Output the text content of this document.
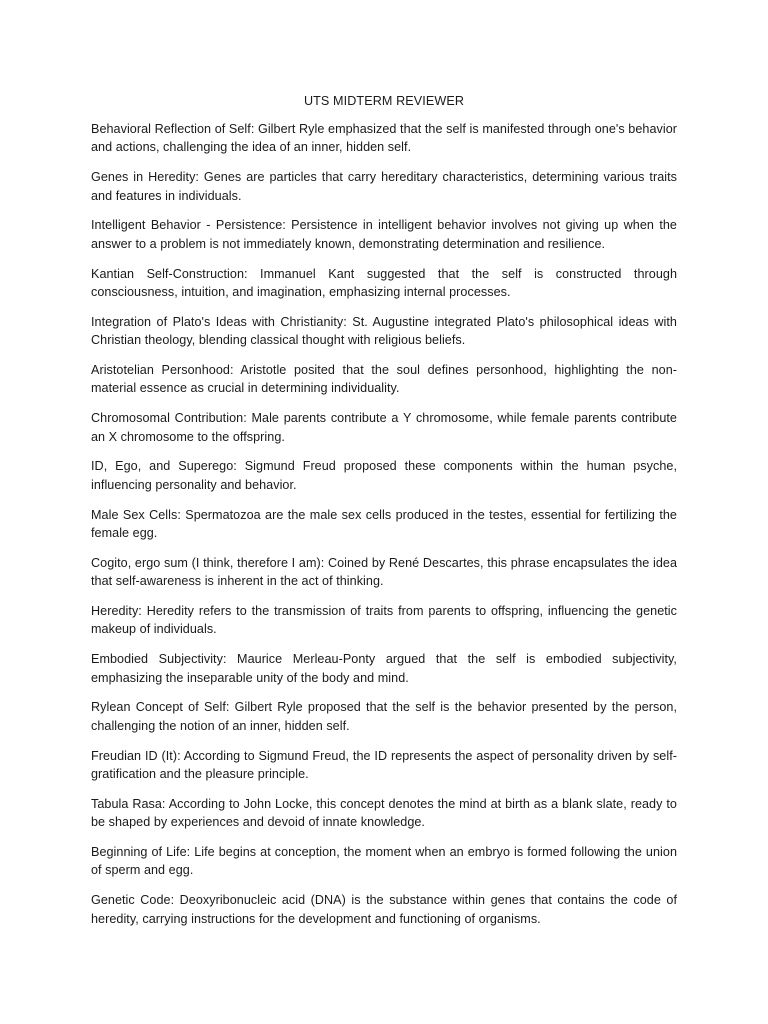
UTS MIDTERM REVIEWER

Behavioral Reflection of Self: Gilbert Ryle emphasized that the self is manifested through one's behavior and actions, challenging the idea of an inner, hidden self.

Genes in Heredity: Genes are particles that carry hereditary characteristics, determining various traits and features in individuals.

Intelligent Behavior - Persistence: Persistence in intelligent behavior involves not giving up when the answer to a problem is not immediately known, demonstrating determination and resilience.

Kantian Self-Construction: Immanuel Kant suggested that the self is constructed through consciousness, intuition, and imagination, emphasizing internal processes.

Integration of Plato's Ideas with Christianity: St. Augustine integrated Plato's philosophical ideas with Christian theology, blending classical thought with religious beliefs.

Aristotelian Personhood: Aristotle posited that the soul defines personhood, highlighting the non-material essence as crucial in determining individuality.

Chromosomal Contribution: Male parents contribute a Y chromosome, while female parents contribute an X chromosome to the offspring.

ID, Ego, and Superego: Sigmund Freud proposed these components within the human psyche, influencing personality and behavior.

Male Sex Cells: Spermatozoa are the male sex cells produced in the testes, essential for fertilizing the female egg.

Cogito, ergo sum (I think, therefore I am): Coined by René Descartes, this phrase encapsulates the idea that self-awareness is inherent in the act of thinking.

Heredity: Heredity refers to the transmission of traits from parents to offspring, influencing the genetic makeup of individuals.

Embodied Subjectivity: Maurice Merleau-Ponty argued that the self is embodied subjectivity, emphasizing the inseparable unity of the body and mind.

Rylean Concept of Self: Gilbert Ryle proposed that the self is the behavior presented by the person, challenging the notion of an inner, hidden self.

Freudian ID (It): According to Sigmund Freud, the ID represents the aspect of personality driven by self-gratification and the pleasure principle.

Tabula Rasa: According to John Locke, this concept denotes the mind at birth as a blank slate, ready to be shaped by experiences and devoid of innate knowledge.

Beginning of Life: Life begins at conception, the moment when an embryo is formed following the union of sperm and egg.

Genetic Code: Deoxyribonucleic acid (DNA) is the substance within genes that contains the code of heredity, carrying instructions for the development and functioning of organisms.
